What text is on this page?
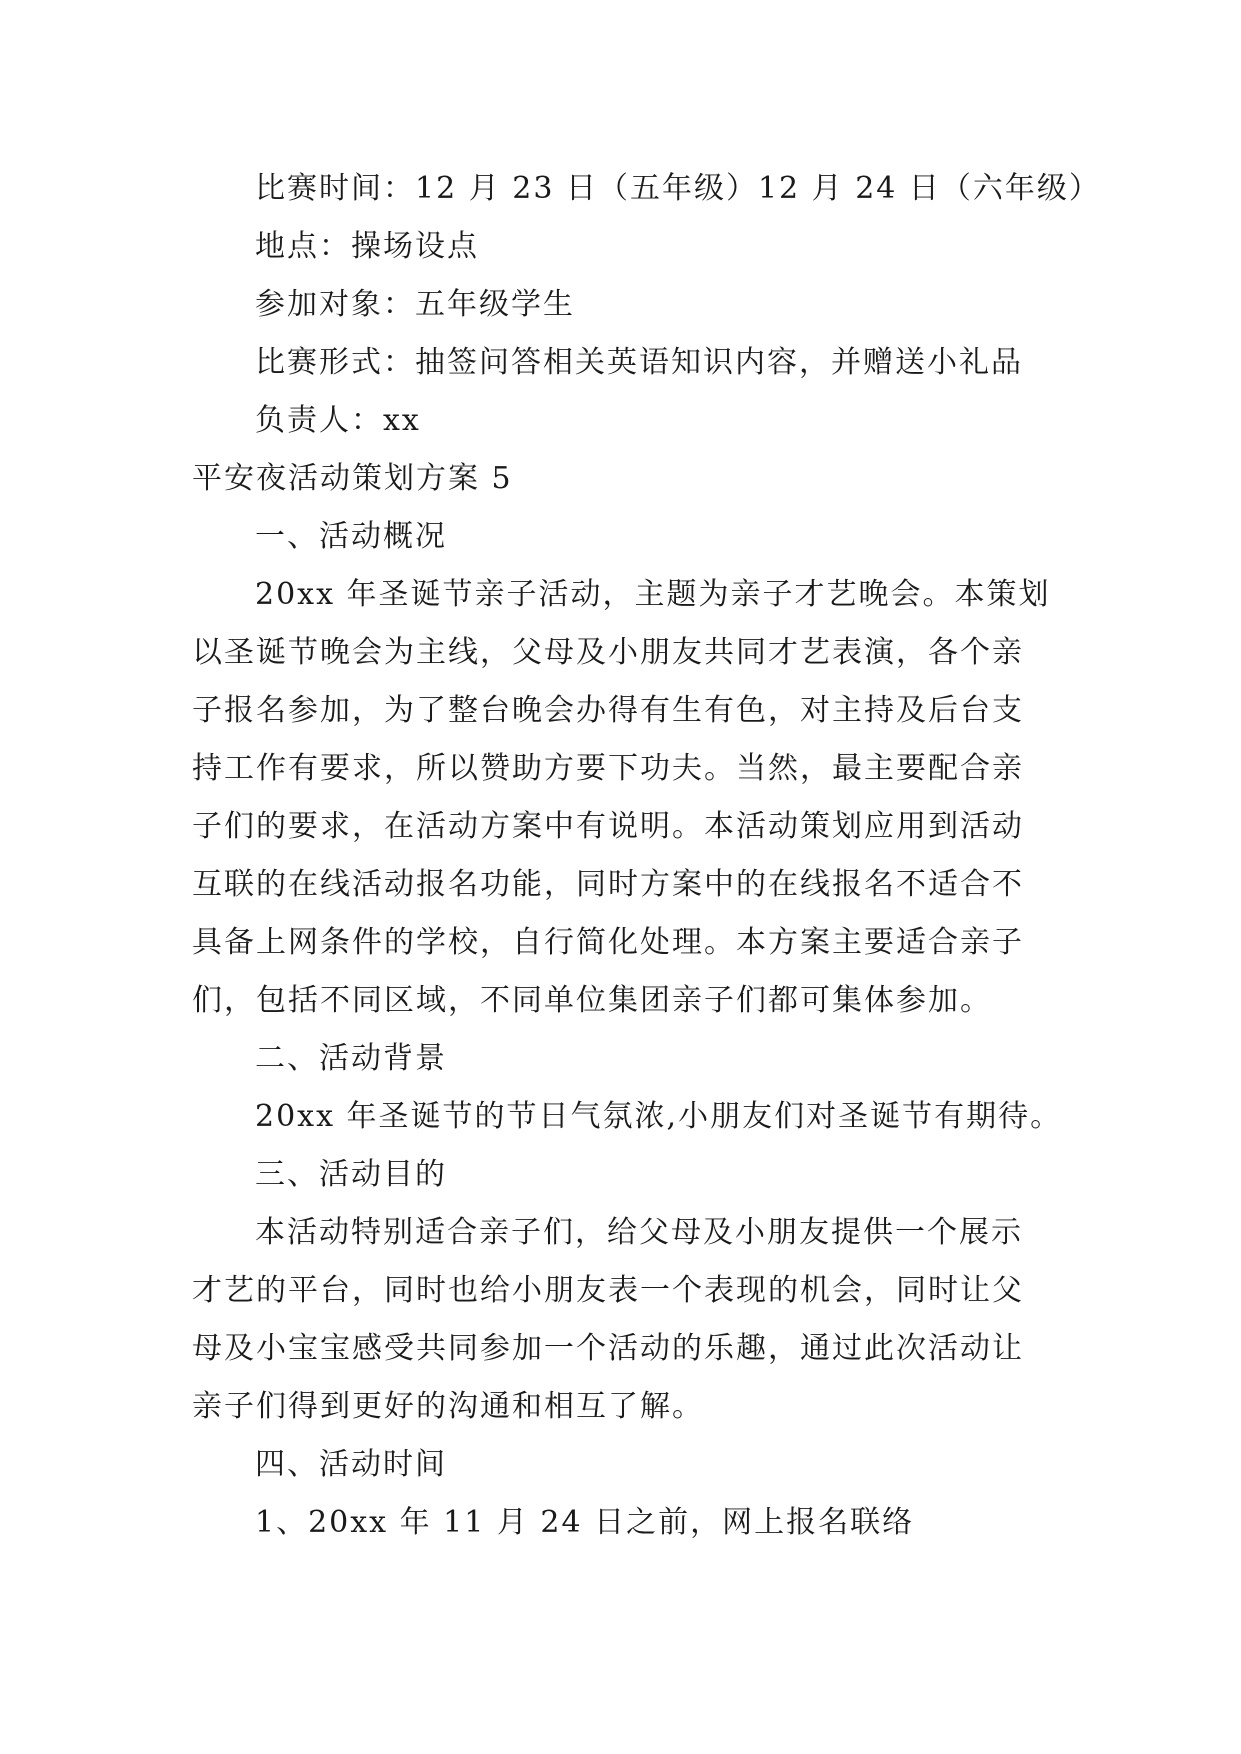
比赛时间：12 月 23 日（五年级）12 月 24 日（六年级）
地点：操场设点
参加对象：五年级学生
比赛形式：抽签问答相关英语知识内容，并赠送小礼品
负责人：xx
平安夜活动策划方案 5
一、活动概况
20xx 年圣诞节亲子活动，主题为亲子才艺晚会。本策划
以圣诞节晚会为主线，父母及小朋友共同才艺表演，各个亲
子报名参加，为了整台晚会办得有生有色，对主持及后台支
持工作有要求，所以赞助方要下功夫。当然，最主要配合亲
子们的要求，在活动方案中有说明。本活动策划应用到活动
互联的在线活动报名功能，同时方案中的在线报名不适合不
具备上网条件的学校，自行简化处理。本方案主要适合亲子
们，包括不同区域，不同单位集团亲子们都可集体参加。
二、活动背景
20xx 年圣诞节的节日气氛浓,小朋友们对圣诞节有期待。
三、活动目的
本活动特别适合亲子们，给父母及小朋友提供一个展示
才艺的平台，同时也给小朋友表一个表现的机会，同时让父
母及小宝宝感受共同参加一个活动的乐趣，通过此次活动让
亲子们得到更好的沟通和相互了解。
四、活动时间
1、20xx 年 11 月 24 日之前，网上报名联络
